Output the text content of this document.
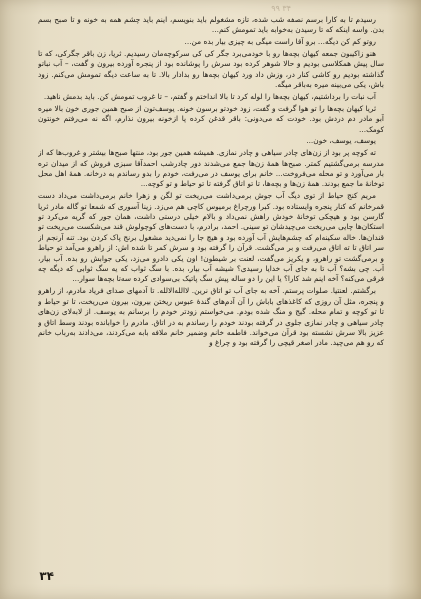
۳۴ ۹۹

رسیدم تا به کارا برسم نصفه شب شده، تازه مشغولم باید بنویسم، اینم باید چشم همه به خونه و تا صبح بسم بدن. واسه اینکه که تا رسیدن به‌خوابه باید تمومش کنم...

روتو کم کن دیگه... برو آقا راست میگی به چیزی بیار بده من...

هنو زاکیبون جمعه کیهان بچه‌ها رو با خودمی‌برد جگر کی کی سرکوچه‌مان رسیدیم. ثریا، زن باقر جگرکی، که تا سال پیش همکلاسی بودیم و حالا شوهر کرده بود سرش را پوشانده بود از پنجره آورده بیرون و گفت، – آب نباتو گذاشته بودیم رو کاشی کنار در، وزش داد ورد کیهان بچه‌ها رو بدادار بالا. تا به ساعت دیگه تمومش می‌کنم. زود باش، یکی می‌بینه میره به‌باقر میگه.

آب نبات را برداشتیم، کیهان بچه‌ها را لوله کرد تا بالا انداختم و گفتم، – تا غروب تمومش کن. باید بدمش ناهید.

ثریا کیهان بچه‌ها را تو هوا گرفت و گفت، زود خودتو برسون خونه. یوسف‌تون از صبح همین جوری خون بالا میره آبو مادر دم دردش بود. خودت که می‌دونی: باقر قدغن کرده پا ازخونه بیرون نذارم، اگه نه می‌رفتم خونتون کومک...

یوسف، یوسف، خون...

ته کوچه پر بود از زن‌های چادر سیاهی و چادر نمازی. همیشه همین جور بود، منتها صبح‌ها بیشتر و غروب‌ها که از مدرسه برمی‌گشتیم کمتر. صبح‌ها همهٔ زن‌ها جمع می‌شدند دور چادرشب احمدآقا سبزی فروش که از میدان تره بار می‌آورد و تو محله می‌فروخت... خانم برای یوسف در می‌رفت، خودم را بدو رساندم به درخانه. همهٔ اهل محل توخانهٔ ما جمع بودند. همهٔ زن‌ها و بچه‌ها، تا تو اتاق گرفته تا تو حیاط و تو کوچه...

مریم کنج حیاط از توی دیگ آب جوش برمی‌داشت می‌ریخت تو لگن و زهرا خانم برمی‌داشت می‌داد دست قمرخانم که کنار پنجره وایستاده بود. کبرا ورچراغ برمیوس کاچی هم می‌زد. زینا آسوری که شمعا تو گاله مادر ثریا گارسن بود و هیچکی توخانهٔ خودش راهش نمی‌داد و بالام خیلی درستی داشت، همان جور که گریه می‌کرد تو استکان‌ها چایی می‌ریخت می‌چیدشان تو سینی. احمد، برادرم، با دست‌های کوچولوش قند می‌شکست می‌ریخت تو قندان‌ها. خاله سکینه‌ام که چشم‌هایش آب آورده بود و هیچ جا را نمی‌دید مشغول برنج پاک کردن بود. تنه آرنجم از سر اتاق تا ته اتاق می‌رفت و بر می‌گشت. قرآن را گرفته بود و سرش کمر تا شده اش: از راهرو می‌آمد تو حیاط و برمی‌گشت تو راهرو، و یکریز می‌گفت، لعنت بر شیطون! اون یکی دادرو می‌زد، یکی جوابش رو بده. آب بیار، آب. چی بشه؟ آب تا به جای آب خدایا رسیدی؟ شیشه آب بیار، بده. با سگ ثواب که یه سگ ثوابی که دیگه چه فرقی می‌کنه؟ آخه‌ اینم شد کارا؟ یا این را دو ساله پیش سگ پاتیک بی‌سوادی کرده سه‌تا بچه‌ها سوار...

برگشتم. لعنتیا. صلوات پرستم. آخه به جای آب تو اتاق نرین. لاالله‌الالله. تا آدمهای صدای فریاد مادرم، از راهرو و پنجره، مثل آن روزی که کاغذهای باباش را آن آدم‌های گندهٔ عبوس ریختن بیرون، بیرون می‌ریخت، تا تو حیاط و تا تو کوچه و تمام محله. گیج و منگ شده بودم. می‌خواستم زودتر خودم را برسانم به یوسف. از لابه‌لای زن‌های چادر سیاهی و چادر نمازی جلوی در گرفته بودند خودم را رساندم به در اتاق. مادرم را خوابانده بودند وسط اتاق و عزیز بالا سرش نشسته بود قرآن می‌خواند. فاطمه خانم وضمیر خانم ملافه بابه می‌کردند، می‌دادند به‌رباب خانم که رو هم می‌چید. مادر اصغر قیچی را گرفته بود و چراغ و

۳۴
